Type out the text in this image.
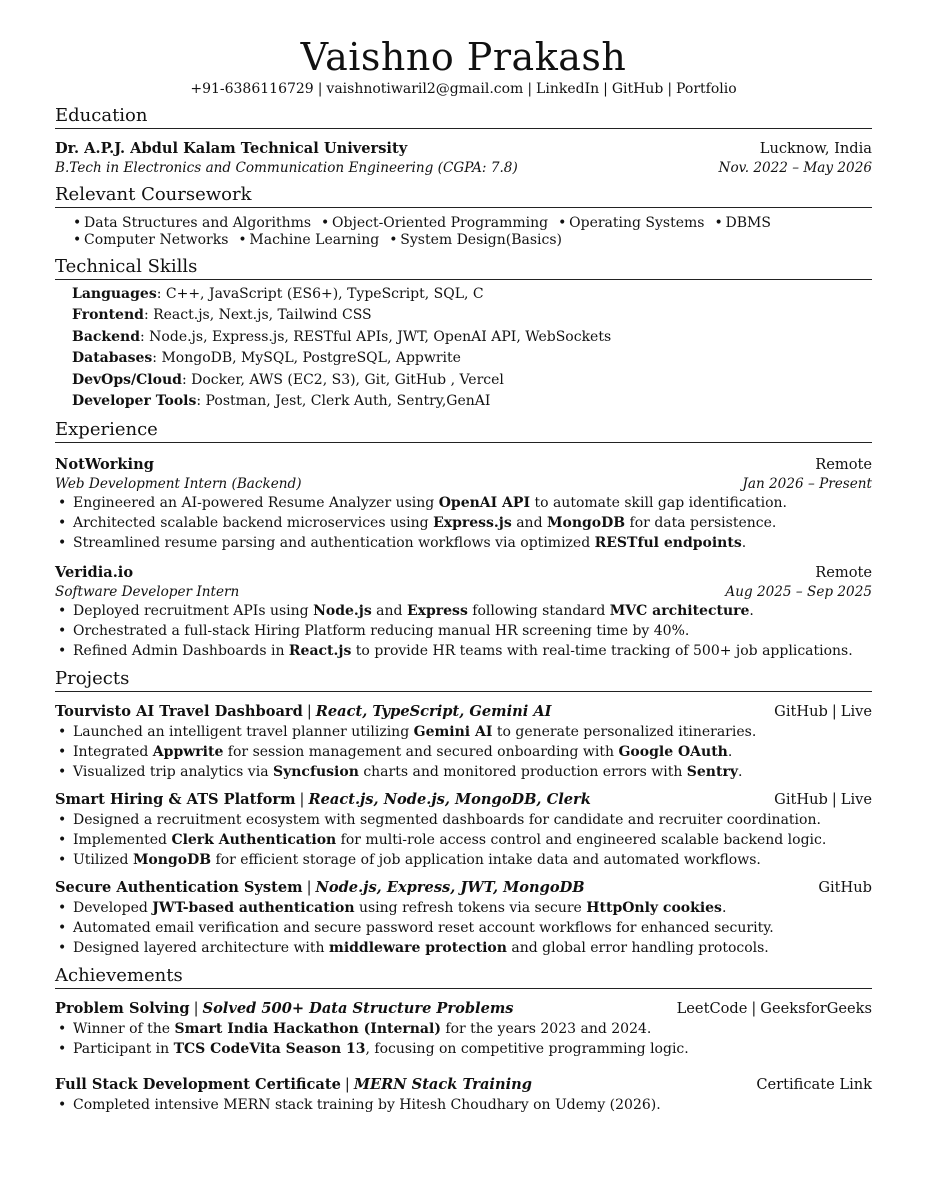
Vaishno Prakash
+91-6386116729 | vaishnotiwaril2@gmail.com | LinkedIn | GitHub | Portfolio
Education
Dr. A.P.J. Abdul Kalam Technical University	Lucknow, India
B.Tech in Electronics and Communication Engineering (CGPA: 7.8)	Nov. 2022 – May 2026
Relevant Coursework
• Data Structures and Algorithms • Object-Oriented Programming • Operating Systems • DBMS
• Computer Networks • Machine Learning • System Design(Basics)
Technical Skills
Languages: C++, JavaScript (ES6+), TypeScript, SQL, C
Frontend: React.js, Next.js, Tailwind CSS
Backend: Node.js, Express.js, RESTful APIs, JWT, OpenAI API, WebSockets
Databases: MongoDB, MySQL, PostgreSQL, Appwrite
DevOps/Cloud: Docker, AWS (EC2, S3), Git, GitHub , Vercel
Developer Tools: Postman, Jest, Clerk Auth, Sentry,GenAI
Experience
NotWorking	Remote
Web Development Intern (Backend)	Jan 2026 – Present
• Engineered an AI-powered Resume Analyzer using OpenAI API to automate skill gap identification.
• Architected scalable backend microservices using Express.js and MongoDB for data persistence.
• Streamlined resume parsing and authentication workflows via optimized RESTful endpoints.
Veridia.io	Remote
Software Developer Intern	Aug 2025 – Sep 2025
• Deployed recruitment APIs using Node.js and Express following standard MVC architecture.
• Orchestrated a full-stack Hiring Platform reducing manual HR screening time by 40%.
• Refined Admin Dashboards in React.js to provide HR teams with real-time tracking of 500+ job applications.
Projects
Tourvisto AI Travel Dashboard | React, TypeScript, Gemini AI	GitHub | Live
• Launched an intelligent travel planner utilizing Gemini AI to generate personalized itineraries.
• Integrated Appwrite for session management and secured onboarding with Google OAuth.
• Visualized trip analytics via Syncfusion charts and monitored production errors with Sentry.
Smart Hiring & ATS Platform | React.js, Node.js, MongoDB, Clerk	GitHub | Live
• Designed a recruitment ecosystem with segmented dashboards for candidate and recruiter coordination.
• Implemented Clerk Authentication for multi-role access control and engineered scalable backend logic.
• Utilized MongoDB for efficient storage of job application intake data and automated workflows.
Secure Authentication System | Node.js, Express, JWT, MongoDB	GitHub
• Developed JWT-based authentication using refresh tokens via secure HttpOnly cookies.
• Automated email verification and secure password reset account workflows for enhanced security.
• Designed layered architecture with middleware protection and global error handling protocols.
Achievements
Problem Solving | Solved 500+ Data Structure Problems	LeetCode | GeeksforGeeks
• Winner of the Smart India Hackathon (Internal) for the years 2023 and 2024.
• Participant in TCS CodeVita Season 13, focusing on competitive programming logic.
Full Stack Development Certificate | MERN Stack Training	Certificate Link
• Completed intensive MERN stack training by Hitesh Choudhary on Udemy (2026).
